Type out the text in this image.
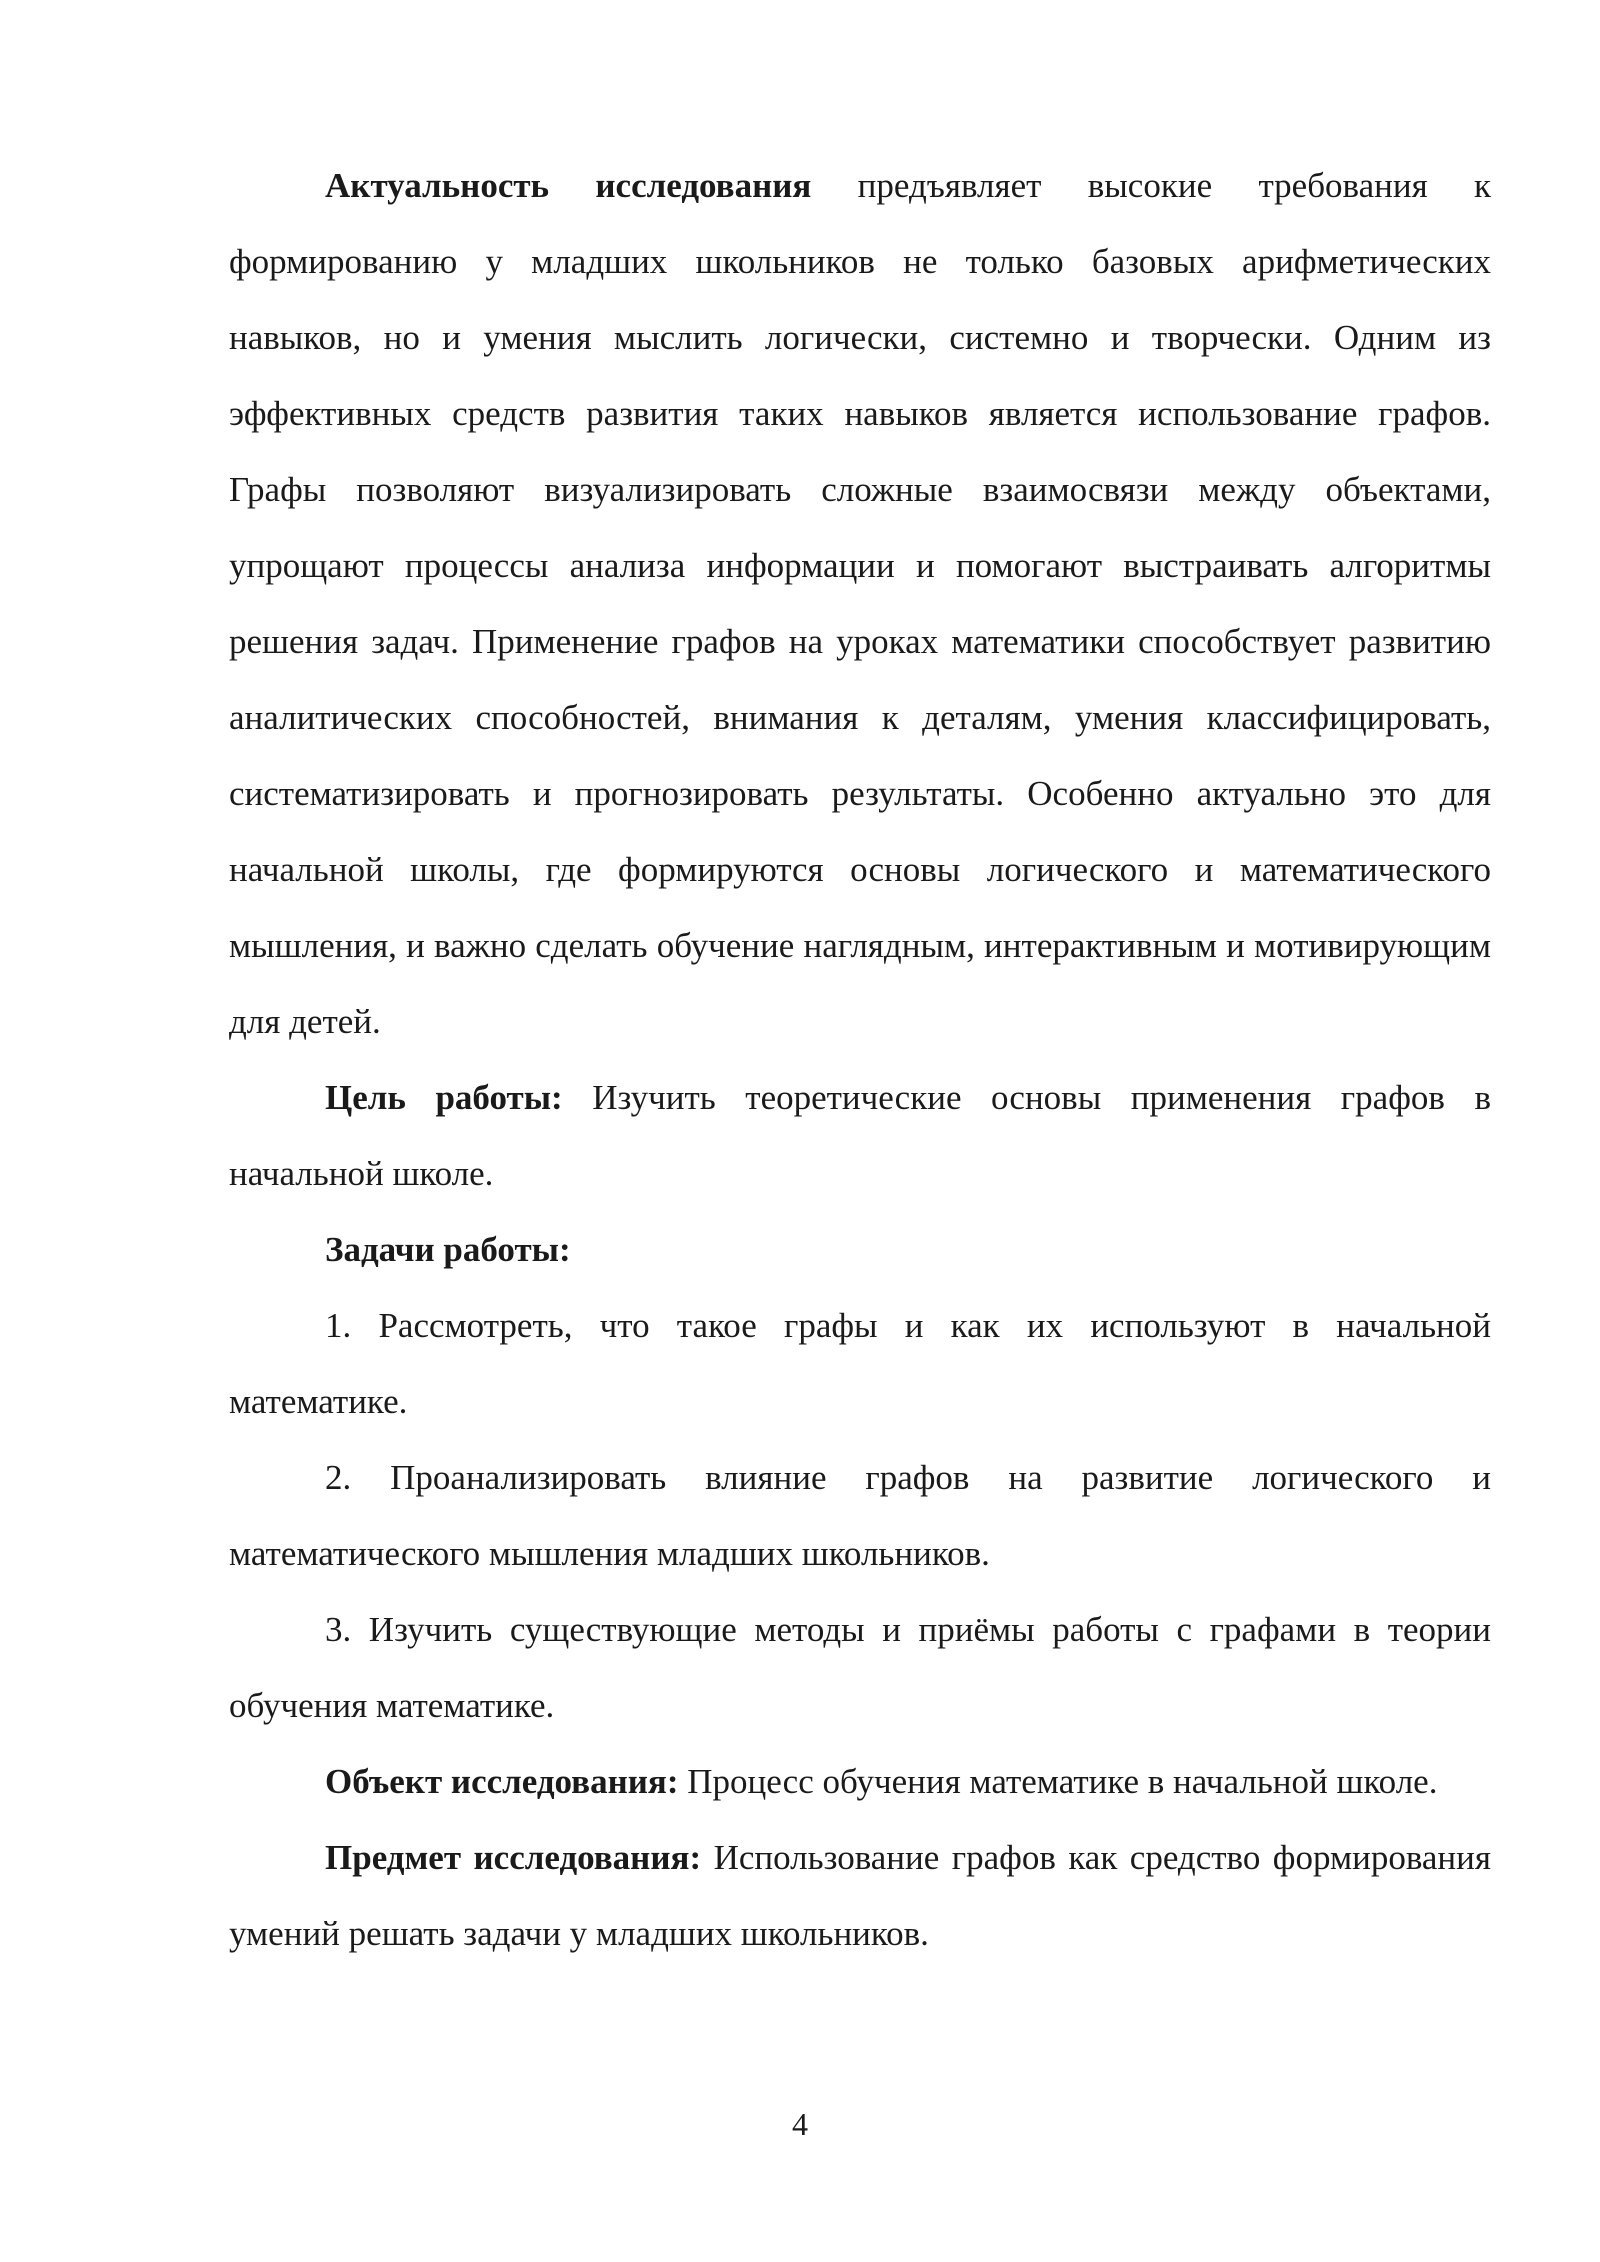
Актуальность исследования предъявляет высокие требования к формированию у младших школьников не только базовых арифметических навыков, но и умения мыслить логически, системно и творчески. Одним из эффективных средств развития таких навыков является использование графов. Графы позволяют визуализировать сложные взаимосвязи между объектами, упрощают процессы анализа информации и помогают выстраивать алгоритмы решения задач. Применение графов на уроках математики способствует развитию аналитических способностей, внимания к деталям, умения классифицировать, систематизировать и прогнозировать результаты. Особенно актуально это для начальной школы, где формируются основы логического и математического мышления, и важно сделать обучение наглядным, интерактивным и мотивирующим для детей.

Цель работы: Изучить теоретические основы применения графов в начальной школе.

Задачи работы:

1. Рассмотреть, что такое графы и как их используют в начальной математике.

2. Проанализировать влияние графов на развитие логического и математического мышления младших школьников.

3. Изучить существующие методы и приёмы работы с графами в теории обучения математике.

Объект исследования: Процесс обучения математике в начальной школе.

Предмет исследования: Использование графов как средство формирования умений решать задачи у младших школьников.

4
